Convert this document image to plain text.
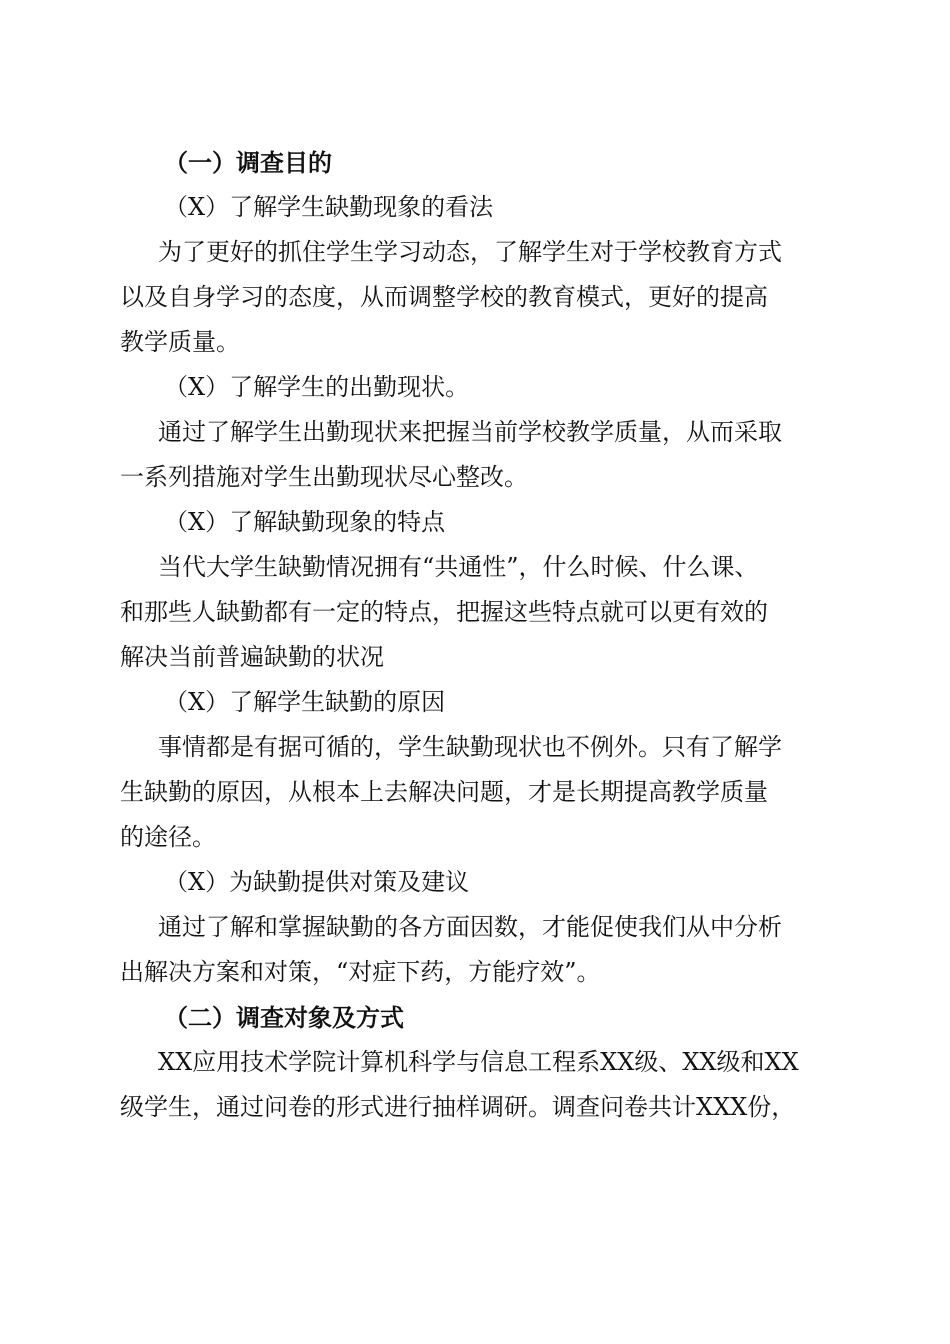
（一）调查目的
（X）了解学生缺勤现象的看法
为了更好的抓住学生学习动态，了解学生对于学校教育方式
以及自身学习的态度，从而调整学校的教育模式，更好的提高
教学质量。
（X）了解学生的出勤现状。
通过了解学生出勤现状来把握当前学校教学质量，从而采取
一系列措施对学生出勤现状尽心整改。
（X）了解缺勤现象的特点
当代大学生缺勤情况拥有“共通性”，什么时候、什么课、
和那些人缺勤都有一定的特点，把握这些特点就可以更有效的
解决当前普遍缺勤的状况
（X）了解学生缺勤的原因
事情都是有据可循的，学生缺勤现状也不例外。只有了解学
生缺勤的原因，从根本上去解决问题，才是长期提高教学质量
的途径。
（X）为缺勤提供对策及建议
通过了解和掌握缺勤的各方面因数，才能促使我们从中分析
出解决方案和对策，“对症下药，方能疗效”。
（二）调查对象及方式
XX应用技术学院计算机科学与信息工程系XX级、XX级和XX
级学生，通过问卷的形式进行抽样调研。调查问卷共计XXX份，
